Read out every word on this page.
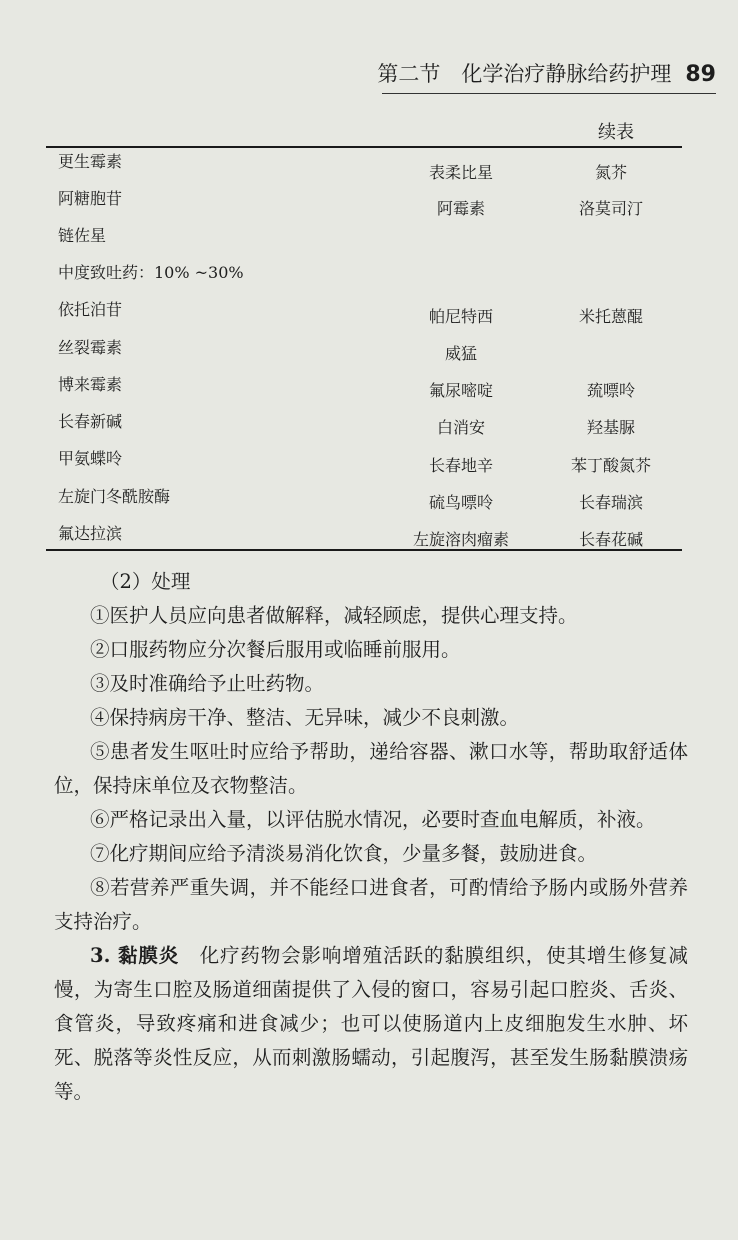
第二节　化学治疗静脉给药护理 89
续表
更生霉素
阿糖胞苷
链佐星
中度致吐药：10% ~30%
依托泊苷
丝裂霉素
博来霉素
长春新碱
甲氨蝶呤
左旋门冬酰胺酶
氟达拉滨
表柔比星
阿霉素
帕尼特西
威猛
氟尿嘧啶
白消安
长春地辛
硫鸟嘌呤
左旋溶肉瘤素
氮芥
洛莫司汀
米托蒽醌
巯嘌呤
羟基脲
苯丁酸氮芥
长春瑞滨
长春花碱

（2）处理

①医护人员应向患者做解释，减轻顾虑，提供心理支持。

②口服药物应分次餐后服用或临睡前服用。

③及时准确给予止吐药物。

④保持病房干净、整洁、无异味，减少不良刺激。

⑤患者发生呕吐时应给予帮助，递给容器、漱口水等，帮助取舒适体位，保持床单位及衣物整洁。

⑥严格记录出入量，以评估脱水情况，必要时查血电解质，补液。

⑦化疗期间应给予清淡易消化饮食，少量多餐，鼓励进食。

⑧若营养严重失调，并不能经口进食者，可酌情给予肠内或肠外营养支持治疗。

3. 黏膜炎　 化疗药物会影响增殖活跃的黏膜组织，使其增生修复减慢，为寄生口腔及肠道细菌提供了入侵的窗口，容易引起口腔炎、舌炎、食管炎，导致疼痛和进食减少；也可以使肠道内上皮细胞发生水肿、坏死、脱落等炎性反应，从而刺激肠蠕动，引起腹泻，甚至发生肠黏膜溃疡等。
